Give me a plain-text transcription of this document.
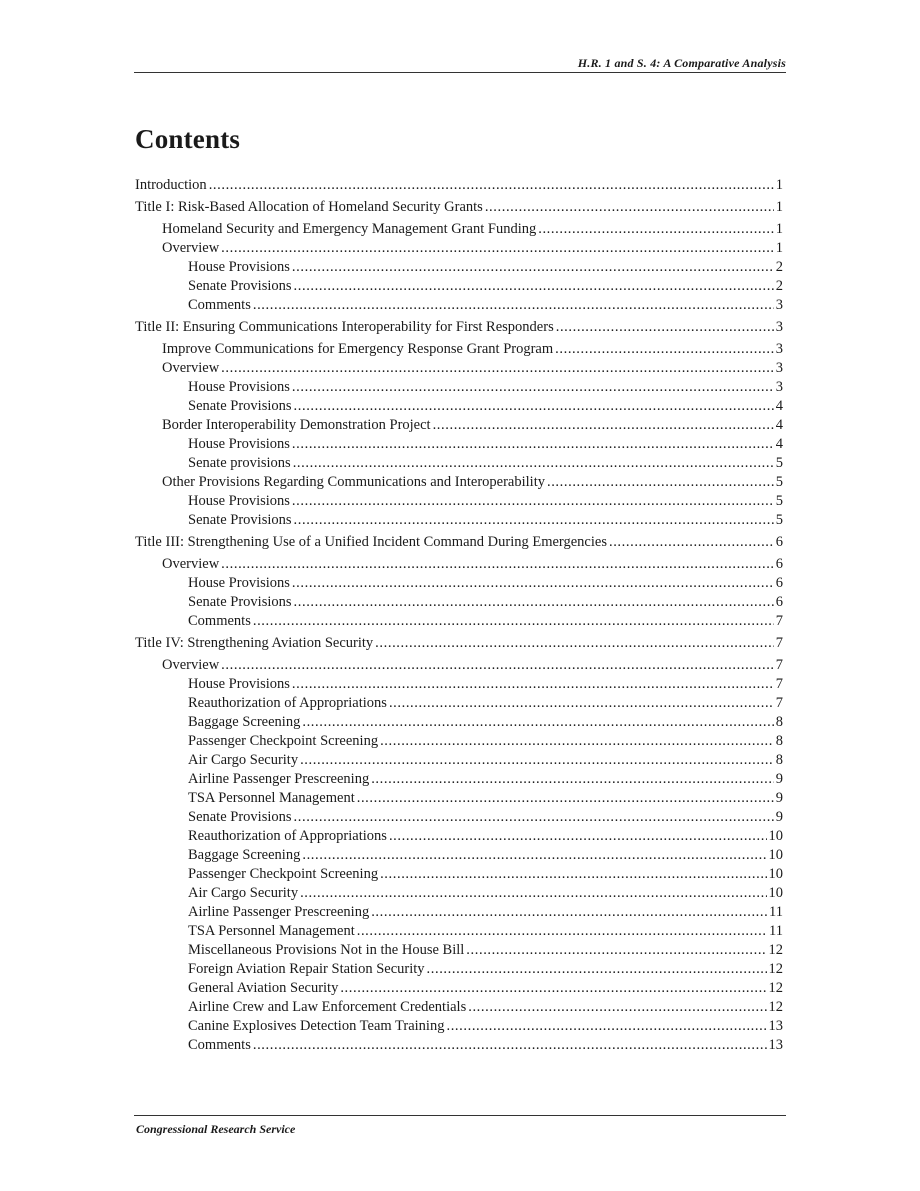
H.R. 1 and S. 4: A Comparative Analysis
Contents
Introduction .....	1
Title I: Risk-Based Allocation of Homeland Security Grants .....	1
Homeland Security and Emergency Management Grant Funding .....	1
Overview .....	1
House Provisions .....	2
Senate Provisions .....	2
Comments .....	3
Title II: Ensuring Communications Interoperability for First Responders .....	3
Improve Communications for Emergency Response Grant Program .....	3
Overview .....	3
House Provisions .....	3
Senate Provisions .....	4
Border Interoperability Demonstration Project .....	4
House Provisions .....	4
Senate provisions .....	5
Other Provisions Regarding Communications and Interoperability .....	5
House Provisions .....	5
Senate Provisions .....	5
Title III: Strengthening Use of a Unified Incident Command During Emergencies .....	6
Overview .....	6
House Provisions .....	6
Senate Provisions .....	6
Comments .....	7
Title IV: Strengthening Aviation Security .....	7
Overview .....	7
House Provisions .....	7
Reauthorization of Appropriations .....	7
Baggage Screening .....	8
Passenger Checkpoint Screening .....	8
Air Cargo Security .....	8
Airline Passenger Prescreening .....	9
TSA Personnel Management .....	9
Senate Provisions .....	9
Reauthorization of Appropriations .....	10
Baggage Screening .....	10
Passenger Checkpoint Screening .....	10
Air Cargo Security .....	10
Airline Passenger Prescreening .....	11
TSA Personnel Management .....	11
Miscellaneous Provisions Not in the House Bill .....	12
Foreign Aviation Repair Station Security .....	12
General Aviation Security .....	12
Airline Crew and Law Enforcement Credentials .....	12
Canine Explosives Detection Team Training .....	13
Comments .....	13
Congressional Research Service
